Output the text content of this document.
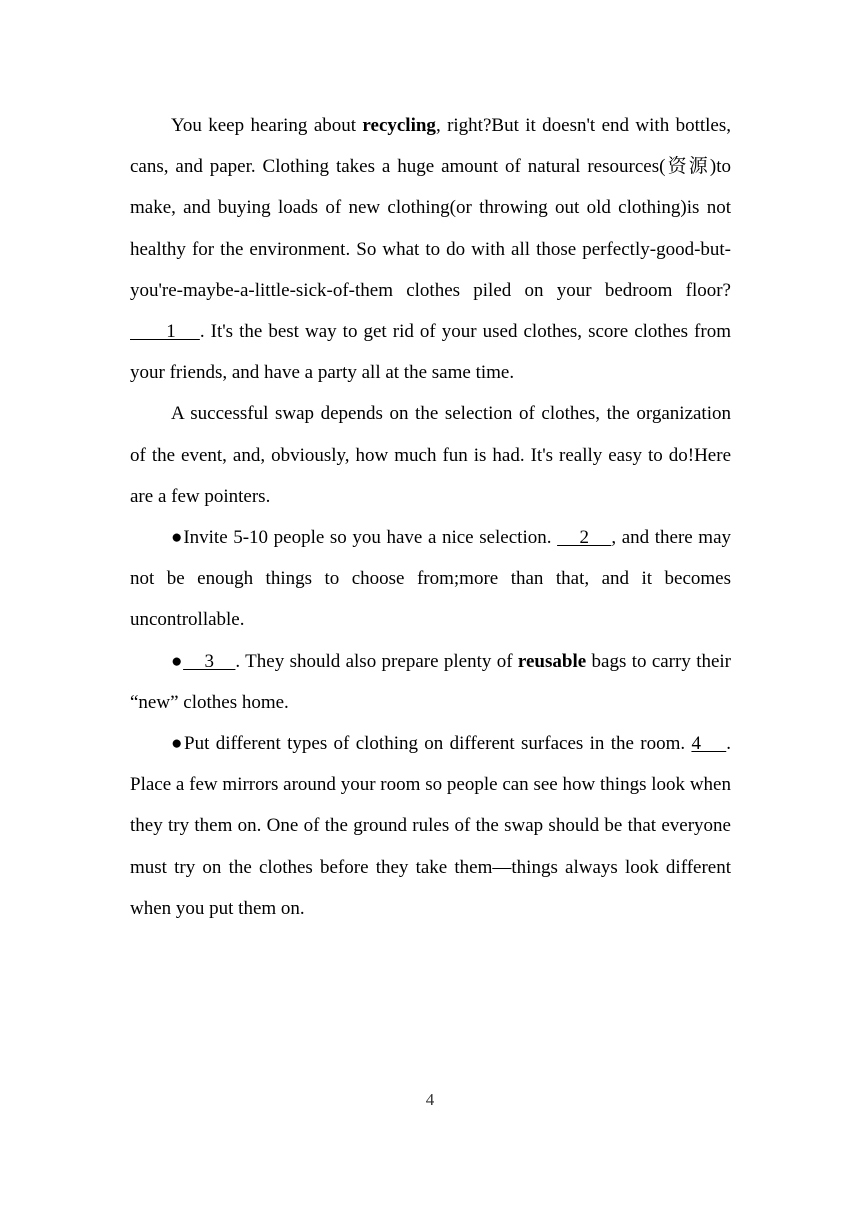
You keep hearing about recycling, right?But it doesn't end with bottles, cans, and paper. Clothing takes a huge amount of natural resources(资源)to make, and buying loads of new clothing(or throwing out old clothing)is not healthy for the environment. So what to do with all those perfectly-good-but-you're-maybe-a-little-sick-of-them clothes piled on your bedroom floor?      1    . It's the best way to get rid of your used clothes, score clothes from your friends, and have a party all at the same time.

A successful swap depends on the selection of clothes, the organization of the event, and, obviously, how much fun is had. It's really easy to do!Here are a few pointers.

●Invite 5-10 people so you have a nice selection.     2    , and there may not be enough things to choose from;more than that, and it becomes uncontrollable.

●    3    . They should also prepare plenty of reusable bags to carry their “new” clothes home.

●Put different types of clothing on different surfaces in the room. 4    . Place a few mirrors around your room so people can see how things look when they try them on. One of the ground rules of the swap should be that everyone must try on the clothes before they take them—things always look different when you put them on.

4
